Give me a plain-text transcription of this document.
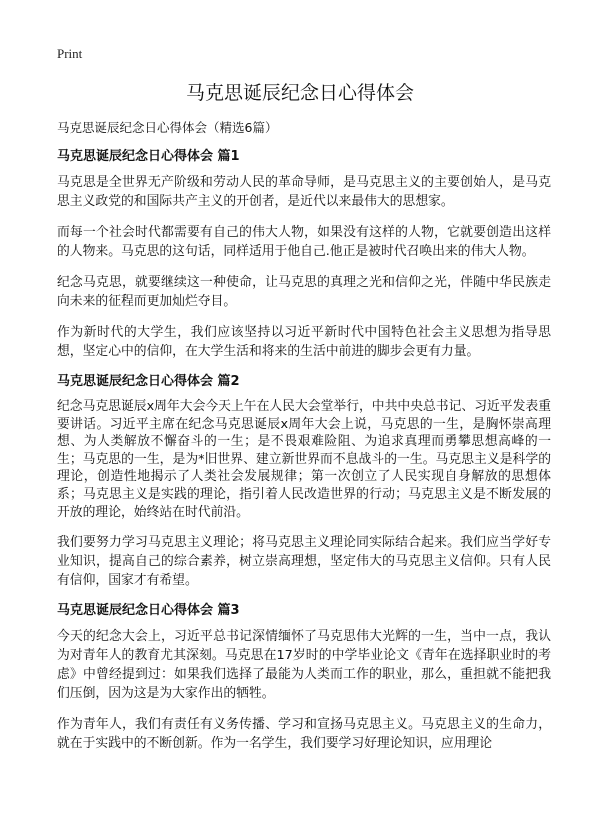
Print
马克思诞辰纪念日心得体会

马克思诞辰纪念日心得体会（精选6篇）

马克思诞辰纪念日心得体会 篇1

马克思是全世界无产阶级和劳动人民的革命导师，是马克思主义的主要创始人，是马克思主义政党的和国际共产主义的开创者，是近代以来最伟大的思想家。

而每一个社会时代都需要有自己的伟大人物，如果没有这样的人物，它就要创造出这样的人物来。马克思的这句话，同样适用于他自己.他正是被时代召唤出来的伟大人物。

纪念马克思，就要继续这一种使命，让马克思的真理之光和信仰之光，伴随中华民族走向未来的征程而更加灿烂夺目。

作为新时代的大学生，我们应该坚持以习近平新时代中国特色社会主义思想为指导思想，坚定心中的信仰，在大学生活和将来的生活中前进的脚步会更有力量。

马克思诞辰纪念日心得体会 篇2

纪念马克思诞辰x周年大会今天上午在人民大会堂举行，中共中央总书记、习近平发表重要讲话。习近平主席在纪念马克思诞辰x周年大会上说，马克思的一生，是胸怀崇高理想、为人类解放不懈奋斗的一生；是不畏艰难险阻、为追求真理而勇攀思想高峰的一生；马克思的一生，是为*旧世界、建立新世界而不息战斗的一生。马克思主义是科学的理论，创造性地揭示了人类社会发展规律；第一次创立了人民实现自身解放的思想体系；马克思主义是实践的理论，指引着人民改造世界的行动；马克思主义是不断发展的开放的理论，始终站在时代前沿。

我们要努力学习马克思主义理论；将马克思主义理论同实际结合起来。我们应当学好专业知识，提高自己的综合素养，树立崇高理想，坚定伟大的马克思主义信仰。只有人民有信仰，国家才有希望。

马克思诞辰纪念日心得体会 篇3

今天的纪念大会上，习近平总书记深情缅怀了马克思伟大光辉的一生，当中一点，我认为对青年人的教育尤其深刻。马克思在17岁时的中学毕业论文《青年在选择职业时的考虑》中曾经提到过：如果我们选择了最能为人类而工作的职业，那么，重担就不能把我们压倒，因为这是为大家作出的牺牲。

作为青年人，我们有责任有义务传播、学习和宣扬马克思主义。马克思主义的生命力，就在于实践中的不断创新。作为一名学生，我们要学习好理论知识，应用理论
